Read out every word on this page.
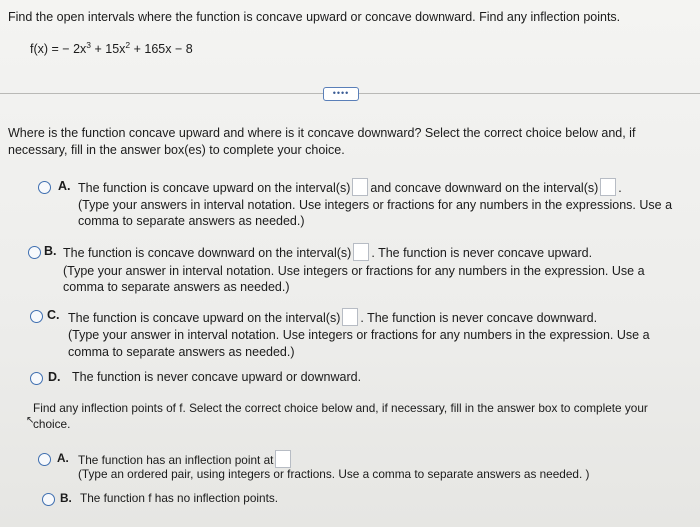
Find the open intervals where the function is concave upward or concave downward. Find any inflection points.
f(x) = − $2x^3 + 15x^2 + 165x - 8$
••••
Where is the function concave upward and where is it concave downward? Select the correct choice below and, if necessary, fill in the answer box(es) to complete your choice.
A. The function is concave upward on the interval(s) and concave downward on the interval(s) .
(Type your answers in interval notation. Use integers or fractions for any numbers in the expressions. Use a
comma to separate answers as needed.)
B. The function is concave downward on the interval(s) . The function is never concave upward.
(Type your answer in interval notation. Use integers or fractions for any numbers in the expression. Use a
comma to separate answers as needed.)
C. The function is concave upward on the interval(s) . The function is never concave downward.
(Type your answer in interval notation. Use integers or fractions for any numbers in the expression. Use a
comma to separate answers as needed.)
D. The function is never concave upward or downward.
Find any inflection points of f. Select the correct choice below and, if necessary, fill in the answer box to complete your choice.
↖
A. The function has an inflection point at
(Type an ordered pair, using integers or fractions. Use a comma to separate answers as needed. )
B. The function f has no inflection points.
